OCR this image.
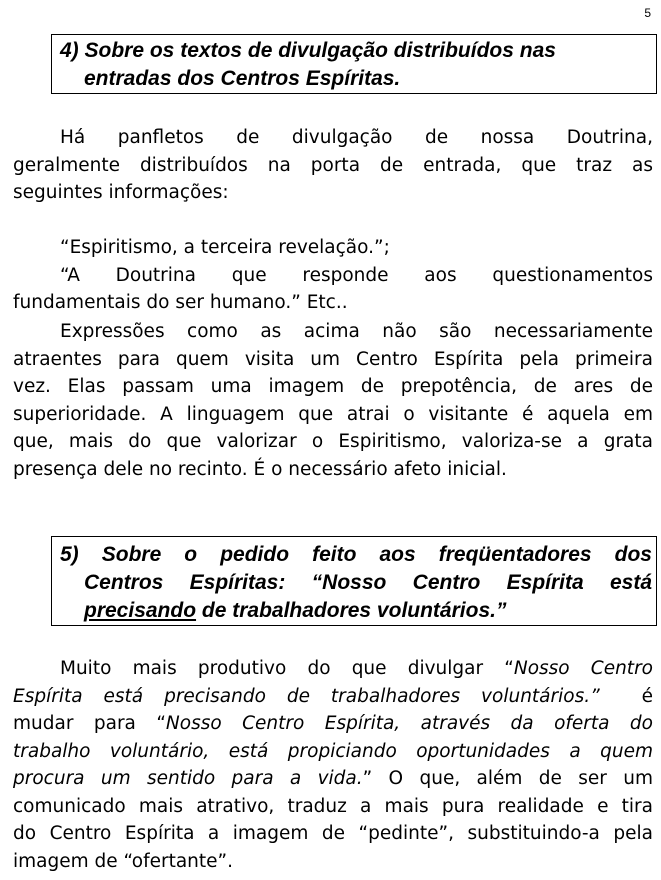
5
4) Sobre os textos de divulgação distribuídos nas
entradas dos Centros Espíritas.
Há panfletos de divulgação de nossa Doutrina,
geralmente distribuídos na porta de entrada, que traz as
seguintes informações:
“Espiritismo, a terceira revelação.”;
“A Doutrina que responde aos questionamentos
fundamentais do ser humano.” Etc..
Expressões como as acima não são necessariamente
atraentes para quem visita um Centro Espírita pela primeira
vez. Elas passam uma imagem de prepotência, de ares de
superioridade. A linguagem que atrai o visitante é aquela em
que, mais do que valorizar o Espiritismo, valoriza-se a grata
presença dele no recinto. É o necessário afeto inicial.
5) Sobre o pedido feito aos freqüentadores dos
Centros Espíritas: “Nosso Centro Espírita está
precisando de trabalhadores voluntários.”
Muito mais produtivo do que divulgar “Nosso Centro
Espírita está precisando de trabalhadores voluntários.”  é
mudar para “Nosso Centro Espírita, através da oferta do
trabalho voluntário, está propiciando oportunidades a quem
procura um sentido para a vida.” O que, além de ser um
comunicado mais atrativo, traduz a mais pura realidade e tira
do Centro Espírita a imagem de “pedinte”, substituindo-a pela
imagem de “ofertante”.
